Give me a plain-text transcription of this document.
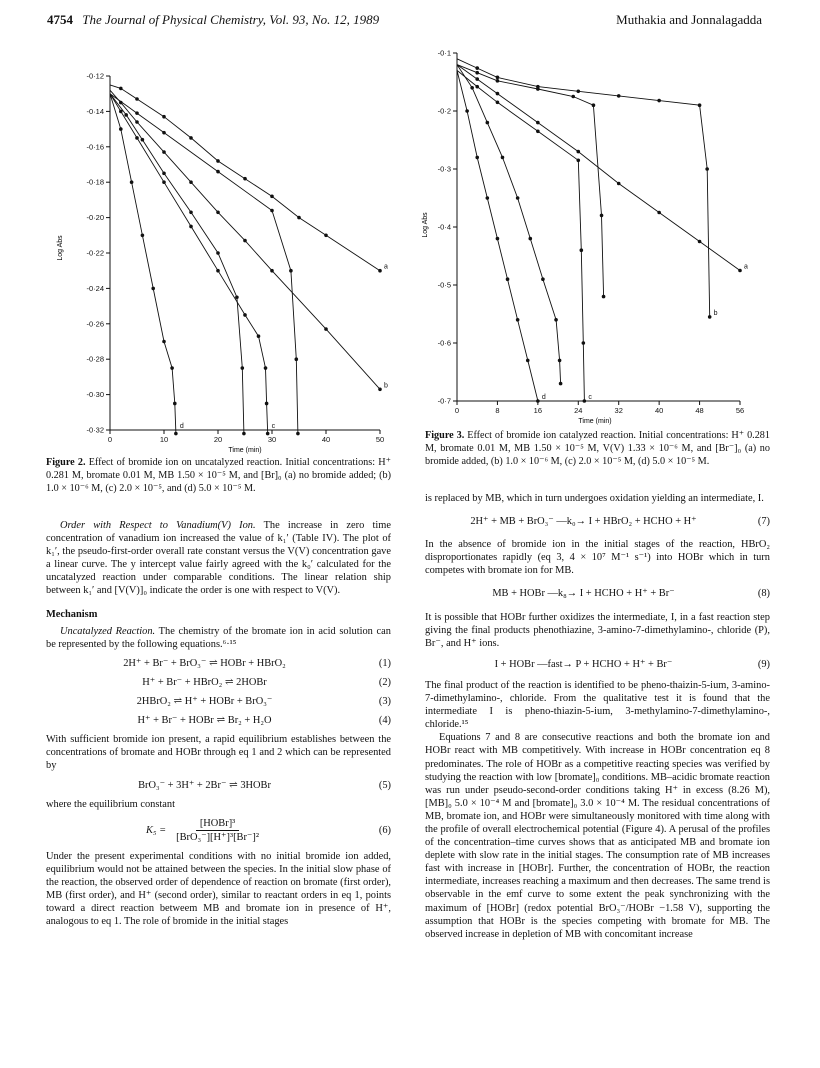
4754 The Journal of Physical Chemistry, Vol. 93, No. 12, 1989	Muthakia and Jonnalagadda
Log Abs
Time (min)
-0·12
-0·14
-0·16
-0·18
-0·20
-0·22
-0·24
-0·26
-0·28
-0·30
-0·32
0	10	20	30	40	50
a
b
c
d
Figure 2. Effect of bromide ion on uncatalyzed reaction. Initial concentrations: H⁺ 0.281 M, bromate 0.01 M, MB 1.50 × 10⁻⁵ M, and [Br]₀ (a) no bromide added; (b) 1.0 × 10⁻⁶ M, (c) 2.0 × 10⁻⁵, and (d) 5.0 × 10⁻⁵ M.
Log Abs
Time (min)
-0·1
-0·2
-0·3
-0·4
-0·5
-0·6
-0·7
0	8	16	24	32	40	48	56
a
b
c
d
Figure 3. Effect of bromide ion catalyzed reaction. Initial concentrations: H⁺ 0.281 M, bromate 0.01 M, MB 1.50 × 10⁻⁵ M, V(V) 1.33 × 10⁻⁶ M, and [Br⁻]₀ (a) no bromide added, (b) 1.0 × 10⁻⁶ M, (c) 2.0 × 10⁻⁵ M, (d) 5.0 × 10⁻⁵ M.

Order with Respect to Vanadium(V) Ion. The increase in zero time concentration of vanadium ion increased the value of k₁′ (Table IV). The plot of k₁′, the pseudo-first-order overall rate constant versus the V(V) concentration gave a linear curve. The y intercept value fairly agreed with the k₀′ calculated for the uncatalyzed reaction under comparable conditions. The linear relation ship between k₁′ and [V(V)]₀ indicate the order is one with respect to V(V).

Mechanism

Uncatalyzed Reaction. The chemistry of the bromate ion in acid solution can be represented by the following equations.⁶·¹⁵

2H⁺ + Br⁻ + BrO₃⁻ ⇌ HOBr + HBrO₂	(1)
H⁺ + Br⁻ + HBrO₂ ⇌ 2HOBr	(2)
2HBrO₂ ⇌ H⁺ + HOBr + BrO₃⁻	(3)
H⁺ + Br⁻ + HOBr ⇌ Br₂ + H₂O	(4)

With sufficient bromide ion present, a rapid equilibrium establishes between the concentrations of bromate and HOBr through eq 1 and 2 which can be represented by

BrO₃⁻ + 3H⁺ + 2Br⁻ ⇌ 3HOBr	(5)

where the equilibrium constant

K₅ =
[HOBr]³
[BrO₃⁻][H⁺]³[Br⁻]²
(6)

Under the present experimental conditions with no initial bromide ion added, equilibrium would not be attained between the species. In the initial slow phase of the reaction, the observed order of dependence of reaction on bromate (first order), MB (first order), and H⁺ (second order), similar to reactant orders in eq 1, points toward a direct reaction betweem MB and bromate ion in presence of H⁺, analogous to eq 1. The role of bromide in the initial stages

is replaced by MB, which in turn undergoes oxidation yielding an intermediate, I.

2H⁺ + MB + BrO₃⁻ —k₀→ I + HBrO₂ + HCHO + H⁺	(7)

In the absence of bromide ion in the initial stages of the reaction, HBrO₂ disproportionates rapidly (eq 3, 4 × 10⁷ M⁻¹ s⁻¹) into HOBr which in turn competes with bromate ion for MB.

MB + HOBr —k₈→ I + HCHO + H⁺ + Br⁻	(8)

It is possible that HOBr further oxidizes the intermediate, I, in a fast reaction step giving the final products phenothiazine, 3-amino-7-dimethylamino-, chloride (P), Br⁻, and H⁺ ions.

I + HOBr —fast→ P + HCHO + H⁺ + Br⁻	(9)

The final product of the reaction is identified to be pheno-thaizin-5-ium, 3-amino-7-dimethylamino-, chloride. From the qualitative test it is found that the intermediate I is pheno-thiazin-5-ium, 3-methylamino-7-dimethylamino-, chloride.¹⁵

Equations 7 and 8 are consecutive reactions and both the bromate ion and HOBr react with MB competitively. With increase in HOBr concentration eq 8 predominates. The role of HOBr as a competitive reacting species was verified by studying the reaction with low [bromate]₀ conditions. MB–acidic bromate reaction was run under pseudo-second-order conditions taking H⁺ in excess (8.26 M), [MB]₀ 5.0 × 10⁻⁴ M and [bromate]₀ 3.0 × 10⁻⁴ M. The residual concentrations of MB, bromate ion, and HOBr were simultaneously monitored with time along with the profile of overall electrochemical potential (Figure 4). A perusal of the profiles of the concentration–time curves shows that as anticipated MB and bromate ion deplete with slow rate in the initial stages. The consumption rate of MB increases fast with increase in [HOBr]. Further, the concentration of HOBr, the reaction intermediate, increases reaching a maximum and then decreases. The same trend is observable in the emf curve to some extent the peak synchronizing with the maximum of [HOBr] (redox potential BrO₃⁻/HOBr −1.58 V), supporting the assumption that HOBr is the species competing with bromate for MB. The observed increase in depletion of MB with concomitant increase
